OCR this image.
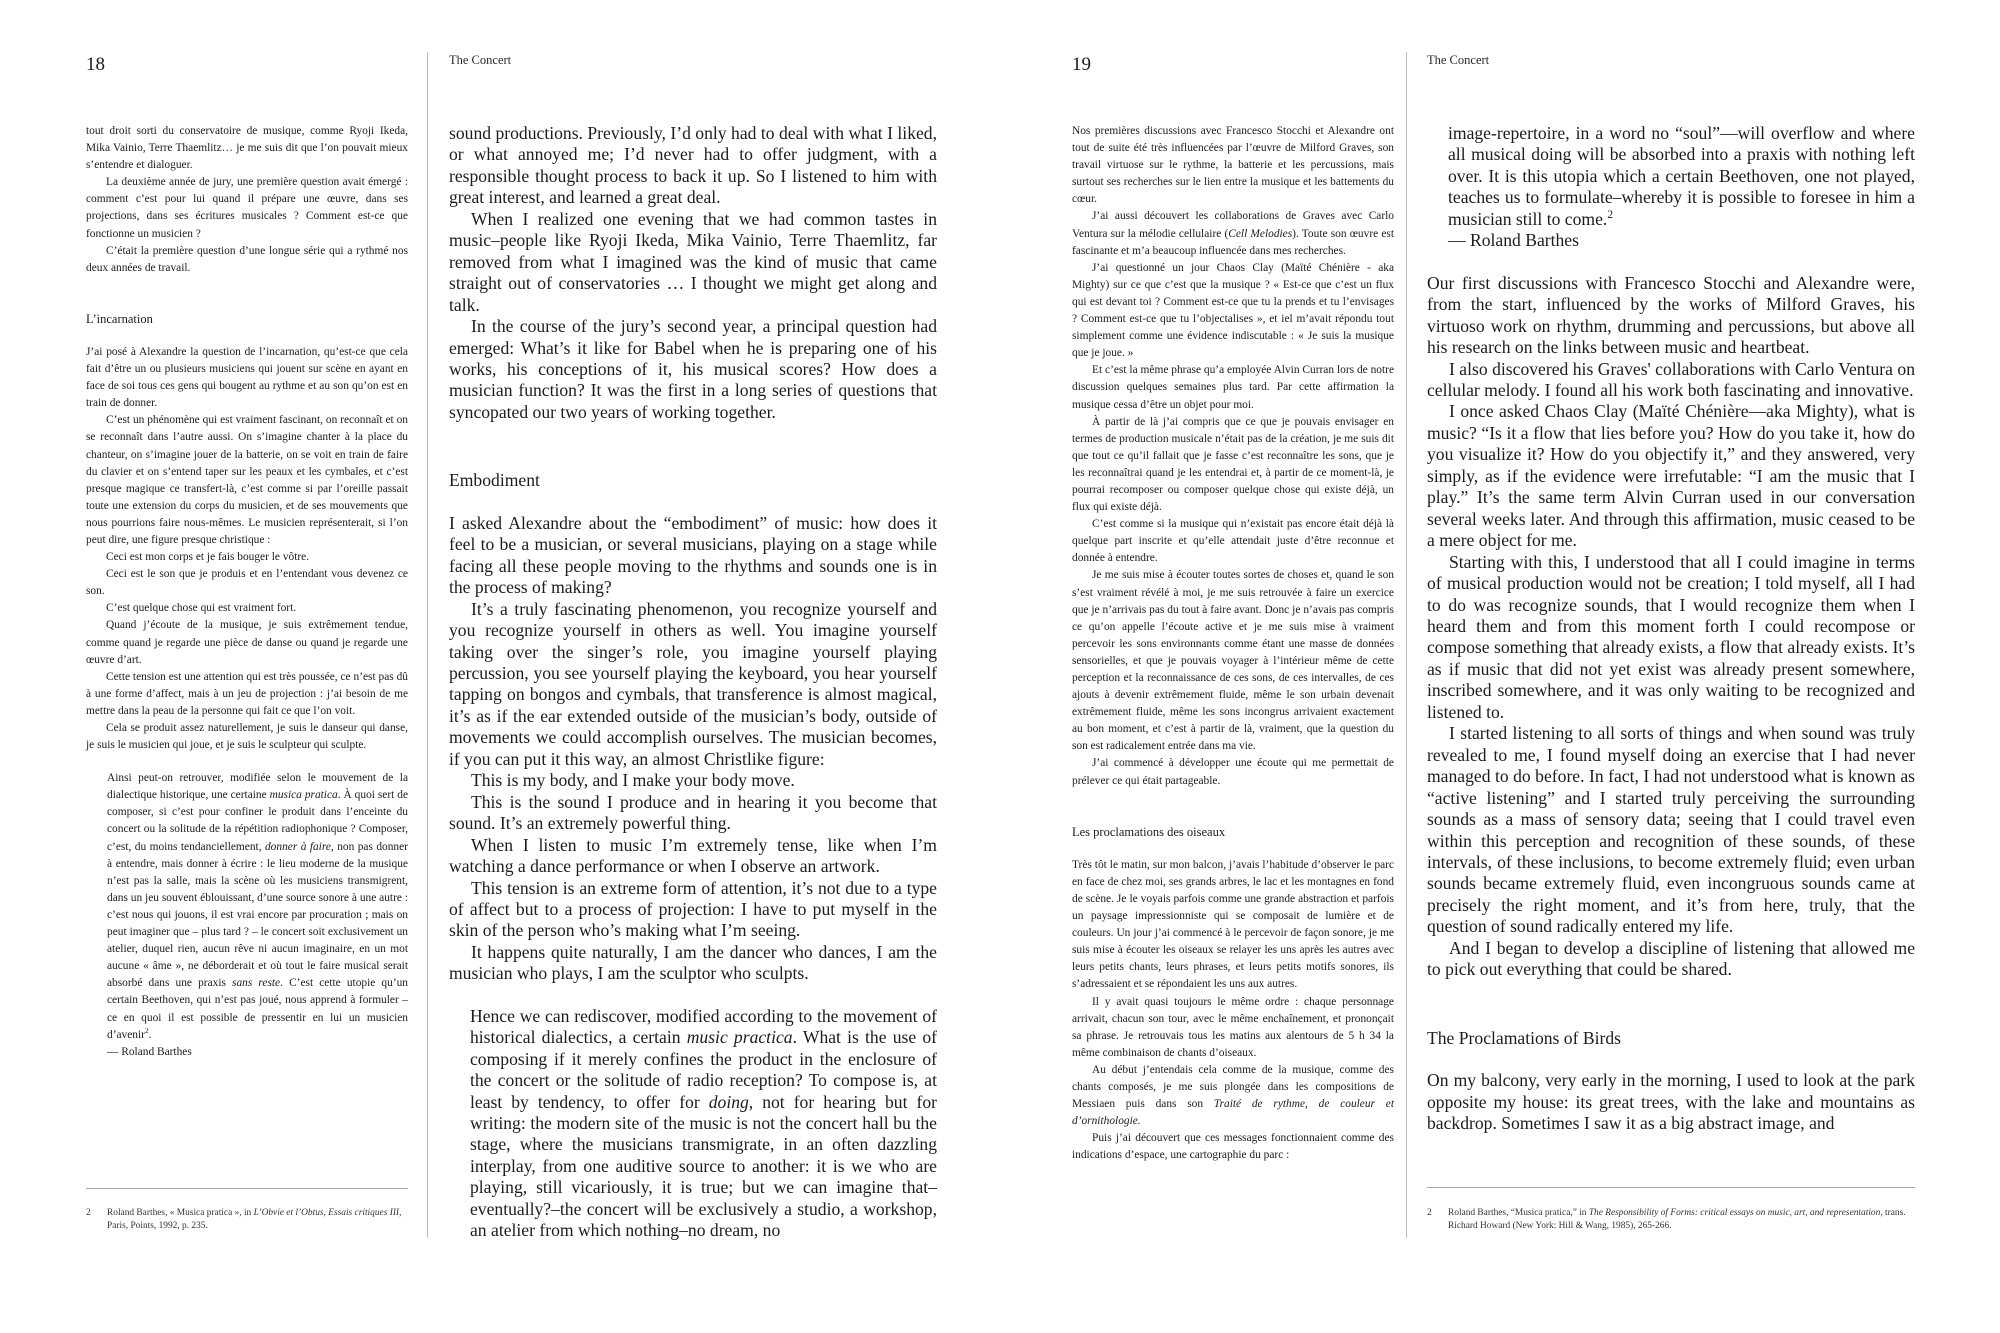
18	The Concert

tout droit sorti du conservatoire de musique, comme Ryoji Ikeda, Mika Vainio, Terre Thaemlitz… je me suis dit que l’on pouvait mieux s’entendre et dialoguer.

La deuxième année de jury, une première question avait émergé : comment c’est pour lui quand il prépare une œuvre, dans ses projections, dans ses écritures musicales ? Comment est-ce que fonctionne un musicien ?

C’était la première question d’une longue série qui a rythmé nos deux années de travail.

L’incarnation

J’ai posé à Alexandre la question de l’incarnation, qu’est-ce que cela fait d’être un ou plusieurs musiciens qui jouent sur scène en ayant en face de soi tous ces gens qui bougent au rythme et au son qu’on est en train de donner.

C’est un phénomène qui est vraiment fascinant, on reconnaît et on se reconnaît dans l’autre aussi. On s’imagine chanter à la place du chanteur, on s’imagine jouer de la batterie, on se voit en train de faire du clavier et on s’entend taper sur les peaux et les cymbales, et c’est presque magique ce transfert-là, c’est comme si par l’oreille passait toute une extension du corps du musicien, et de ses mouvements que nous pourrions faire nous-mêmes. Le musicien représenterait, si l’on peut dire, une figure presque christique :

Ceci est mon corps et je fais bouger le vôtre.

Ceci est le son que je produis et en l’entendant vous devenez ce son.

C’est quelque chose qui est vraiment fort.

Quand j’écoute de la musique, je suis extrêmement tendue, comme quand je regarde une pièce de danse ou quand je regarde une œuvre d’art.

Cette tension est une attention qui est très poussée, ce n’est pas dû à une forme d’affect, mais à un jeu de projection : j’ai besoin de me mettre dans la peau de la personne qui fait ce que l’on voit.

Cela se produit assez naturellement, je suis le danseur qui danse, je suis le musicien qui joue, et je suis le sculpteur qui sculpte.

Ainsi peut-on retrouver, modifiée selon le mouvement de la dialectique historique, une certaine musica pratica. À quoi sert de composer, si c’est pour confiner le produit dans l’enceinte du concert ou la solitude de la répétition radiophonique ? Composer, c’est, du moins tendanciellement, donner à faire, non pas donner à entendre, mais donner à écrire : le lieu moderne de la musique n’est pas la salle, mais la scène où les musiciens transmigrent, dans un jeu souvent éblouissant, d’une source sonore à une autre : c’est nous qui jouons, il est vrai encore par procuration ; mais on peut imaginer que – plus tard ? – le concert soit exclusivement un atelier, duquel rien, aucun rêve ni aucun imaginaire, en un mot aucune « âme », ne déborderait et où tout le faire musical serait absorbé dans une praxis sans reste. C’est cette utopie qu’un certain Beethoven, qui n’est pas joué, nous apprend à formuler – ce en quoi il est possible de pressentir en lui un musicien d’avenir$^2$.

— Roland Barthes

2 Roland Barthes, « Musica pratica », in L’Obvie et l’Obtus, Essais critiques III, Paris, Points, 1992, p. 235.

sound productions. Previously, I’d only had to deal with what I liked, or what annoyed me; I’d never had to offer judgment, with a responsible thought process to back it up. So I listened to him with great interest, and learned a great deal.

When I realized one evening that we had common tastes in music–people like Ryoji Ikeda, Mika Vainio, Terre Thaemlitz, far removed from what I imagined was the kind of music that came straight out of conservatories … I thought we might get along and talk.

In the course of the jury’s second year, a principal question had emerged: What’s it like for Babel when he is preparing one of his works, his conceptions of it, his musical scores? How does a musician function? It was the first in a long series of questions that syncopated our two years of working together.

Embodiment

I asked Alexandre about the “embodiment” of music: how does it feel to be a musician, or several musicians, playing on a stage while facing all these people moving to the rhythms and sounds one is in the process of making?

It’s a truly fascinating phenomenon, you recognize yourself and you recognize yourself in others as well. You imagine yourself taking over the singer’s role, you imagine yourself playing percussion, you see yourself playing the keyboard, you hear yourself tapping on bongos and cymbals, that transference is almost magical, it’s as if the ear extended outside of the musician’s body, outside of movements we could accomplish ourselves. The musician becomes, if you can put it this way, an almost Christlike figure:

This is my body, and I make your body move.

This is the sound I produce and in hearing it you become that sound. It’s an extremely powerful thing.

When I listen to music I’m extremely tense, like when I’m watching a dance performance or when I observe an artwork.

This tension is an extreme form of attention, it’s not due to a type of affect but to a process of projection: I have to put myself in the skin of the person who’s making what I’m seeing.

It happens quite naturally, I am the dancer who dances, I am the musician who plays, I am the sculptor who sculpts.

Hence we can rediscover, modified according to the movement of historical dialectics, a certain music practica. What is the use of composing if it merely confines the product in the enclosure of the concert or the solitude of radio reception? To compose is, at least by tendency, to offer for doing, not for hearing but for writing: the modern site of the music is not the concert hall bu the stage, where the musicians transmigrate, in an often dazzling interplay, from one auditive source to another: it is we who are playing, still vicariously, it is true; but we can imagine that–eventually?–the concert will be exclusively a studio, a workshop, an atelier from which nothing–no dream, no

19	The Concert

Nos premières discussions avec Francesco Stocchi et Alexandre ont tout de suite été très influencées par l’œuvre de Milford Graves, son travail virtuose sur le rythme, la batterie et les percussions, mais surtout ses recherches sur le lien entre la musique et les battements du cœur.

J’ai aussi découvert les collaborations de Graves avec Carlo Ventura sur la mélodie cellulaire (Cell Melodies). Toute son œuvre est fascinante et m’a beaucoup influencée dans mes recherches.

J’ai questionné un jour Chaos Clay (Maïté Chénière - aka Mighty) sur ce que c’est que la musique ? « Est-ce que c’est un flux qui est devant toi ? Comment est-ce que tu la prends et tu l’envisages ? Comment est-ce que tu l’objectalises », et iel m’avait répondu tout simplement comme une évidence indiscutable : « Je suis la musique que je joue. »

Et c’est la même phrase qu’a employée Alvin Curran lors de notre discussion quelques semaines plus tard. Par cette affirmation la musique cessa d’être un objet pour moi.

À partir de là j’ai compris que ce que je pouvais envisager en termes de production musicale n’était pas de la création, je me suis dit que tout ce qu’il fallait que je fasse c’est reconnaître les sons, que je les reconnaîtrai quand je les entendrai et, à partir de ce moment-là, je pourrai recomposer ou composer quelque chose qui existe déjà, un flux qui existe déjà.

C’est comme si la musique qui n’existait pas encore était déjà là quelque part inscrite et qu’elle attendait juste d’être reconnue et donnée à entendre.

Je me suis mise à écouter toutes sortes de choses et, quand le son s’est vraiment révélé à moi, je me suis retrouvée à faire un exercice que je n’arrivais pas du tout à faire avant. Donc je n’avais pas compris ce qu’on appelle l’écoute active et je me suis mise à vraiment percevoir les sons environnants comme étant une masse de données sensorielles, et que je pouvais voyager à l’intérieur même de cette perception et la reconnaissance de ces sons, de ces intervalles, de ces ajouts à devenir extrêmement fluide, même le son urbain devenait extrêmement fluide, même les sons incongrus arrivaient exactement au bon moment, et c’est à partir de là, vraiment, que la question du son est radicalement entrée dans ma vie.

J’ai commencé à développer une écoute qui me permettait de prélever ce qui était partageable.

Les proclamations des oiseaux

Très tôt le matin, sur mon balcon, j’avais l’habitude d’observer le parc en face de chez moi, ses grands arbres, le lac et les montagnes en fond de scène. Je le voyais parfois comme une grande abstraction et parfois un paysage impressionniste qui se composait de lumière et de couleurs. Un jour j’ai commencé à le percevoir de façon sonore, je me suis mise à écouter les oiseaux se relayer les uns après les autres avec leurs petits chants, leurs phrases, et leurs petits motifs sonores, ils s’adressaient et se répondaient les uns aux autres.

Il y avait quasi toujours le même ordre : chaque personnage arrivait, chacun son tour, avec le même enchaînement, et prononçait sa phrase. Je retrouvais tous les matins aux alentours de 5 h 34 la même combinaison de chants d’oiseaux.

Au début j’entendais cela comme de la musique, comme des chants composés, je me suis plongée dans les compositions de Messiaen puis dans son Traité de rythme, de couleur et d’ornithologie.

Puis j’ai découvert que ces messages fonctionnaient comme des indications d’espace, une cartographie du parc :

image-repertoire, in a word no “soul”—will overflow and where all musical doing will be absorbed into a praxis with nothing left over. It is this utopia which a certain Beethoven, one not played, teaches us to formulate–whereby it is possible to foresee in him a musician still to come.$^2$

— Roland Barthes

Our first discussions with Francesco Stocchi and Alexandre were, from the start, influenced by the works of Milford Graves, his virtuoso work on rhythm, drumming and percussions, but above all his research on the links between music and heartbeat.

I also discovered his Graves' collaborations with Carlo Ventura on cellular melody. I found all his work both fascinating and innovative.

I once asked Chaos Clay (Maïté Chénière—aka Mighty), what is music? “Is it a flow that lies before you? How do you take it, how do you visualize it? How do you objectify it,” and they answered, very simply, as if the evidence were irrefutable: “I am the music that I play.” It’s the same term Alvin Curran used in our conversation several weeks later. And through this affirmation, music ceased to be a mere object for me.

Starting with this, I understood that all I could imagine in terms of musical production would not be creation; I told myself, all I had to do was recognize sounds, that I would recognize them when I heard them and from this moment forth I could recompose or compose something that already exists, a flow that already exists. It’s as if music that did not yet exist was already present somewhere, inscribed somewhere, and it was only waiting to be recognized and listened to.

I started listening to all sorts of things and when sound was truly revealed to me, I found myself doing an exercise that I had never managed to do before. In fact, I had not understood what is known as “active listening” and I started truly perceiving the surrounding sounds as a mass of sensory data; seeing that I could travel even within this perception and recognition of these sounds, of these intervals, of these inclusions, to become extremely fluid; even urban sounds became extremely fluid, even incongruous sounds came at precisely the right moment, and it’s from here, truly, that the question of sound radically entered my life.

And I began to develop a discipline of listening that allowed me to pick out everything that could be shared.

The Proclamations of Birds

On my balcony, very early in the morning, I used to look at the park opposite my house: its great trees, with the lake and mountains as backdrop. Sometimes I saw it as a big abstract image, and

2 Roland Barthes, “Musica pratica,” in The Responsibility of Forms: critical essays on music, art, and representation, trans. Richard Howard (New York: Hill & Wang, 1985), 265-266.
